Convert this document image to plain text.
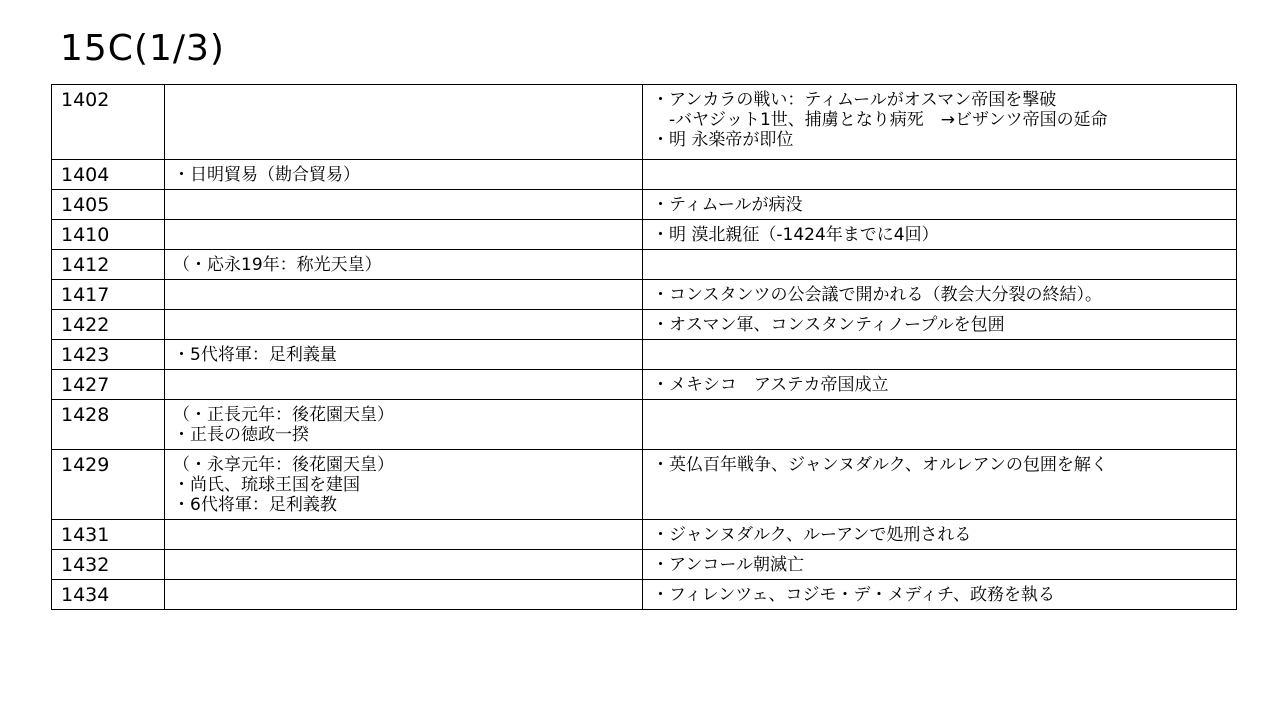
15C(1/3)
1402		・アンカラの戦い：ティムールがオスマン帝国を撃破
　-バヤジット1世、捕虜となり病死　→ビザンツ帝国の延命
・明 永楽帝が即位
1404	・日明貿易（勘合貿易）	
1405		・ティムールが病没
1410		・明 漠北親征（-1424年までに4回）
1412	（・応永19年：称光天皇）	
1417		・コンスタンツの公会議で開かれる（教会大分裂の終結）。
1422		・オスマン軍、コンスタンティノープルを包囲
1423	・5代将軍：足利義量	
1427		・メキシコ　アステカ帝国成立
1428	（・正長元年：後花園天皇）
・正長の徳政一揆	
1429	（・永享元年：後花園天皇）
・尚氏、琉球王国を建国
・6代将軍：足利義教	・英仏百年戦争、ジャンヌダルク、オルレアンの包囲を解く
1431		・ジャンヌダルク、ルーアンで処刑される
1432		・アンコール朝滅亡
1434		・フィレンツェ、コジモ・デ・メディチ、政務を執る
